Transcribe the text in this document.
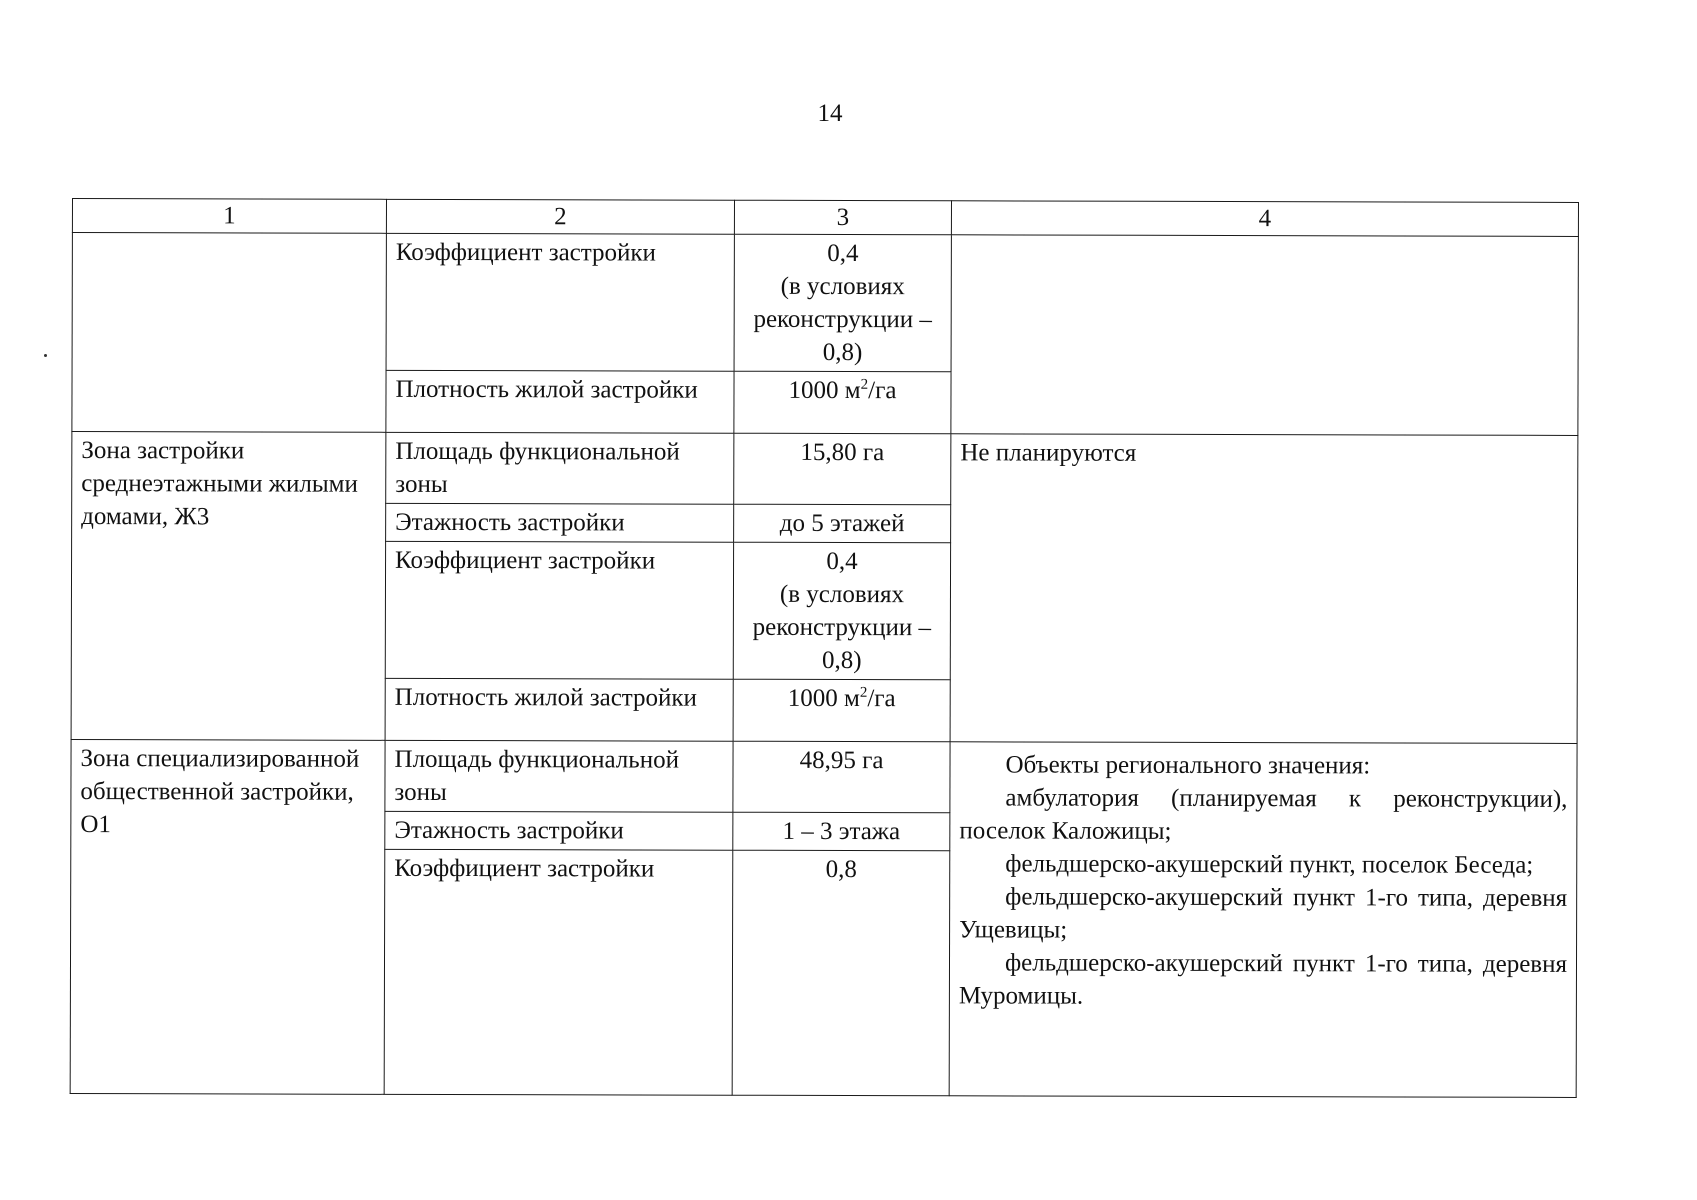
14
1	2	3	4
	Коэффициент застройки	0,4
(в условиях реконструкции –
0,8)	
	Плотность жилой застройки	1000 $м^2/га$	
Зона застройки среднеэтажными жилыми домами, Ж3	Площадь функциональной зоны	15,80 га	Не планируются
	Этажность застройки	до 5 этажей	
	Коэффициент застройки	0,4
(в условиях реконструкции –
0,8)	
	Плотность жилой застройки	1000 $м^2/га$	
Зона специализированной общественной застройки, О1	Площадь функциональной зоны	48,95 га	Объекты регионального значения:

амбулатория (планируемая к реконструкции), поселок Каложицы;

фельдшерско-акушерский пункт, поселок Беседа;

фельдшерско-акушерский пункт 1-го типа, деревня Ущевицы;

фельдшерско-акушерский пункт 1-го типа, деревня Муромицы.

	Этажность застройки	1 – 3 этажа	
	Коэффициент застройки	0,8	
